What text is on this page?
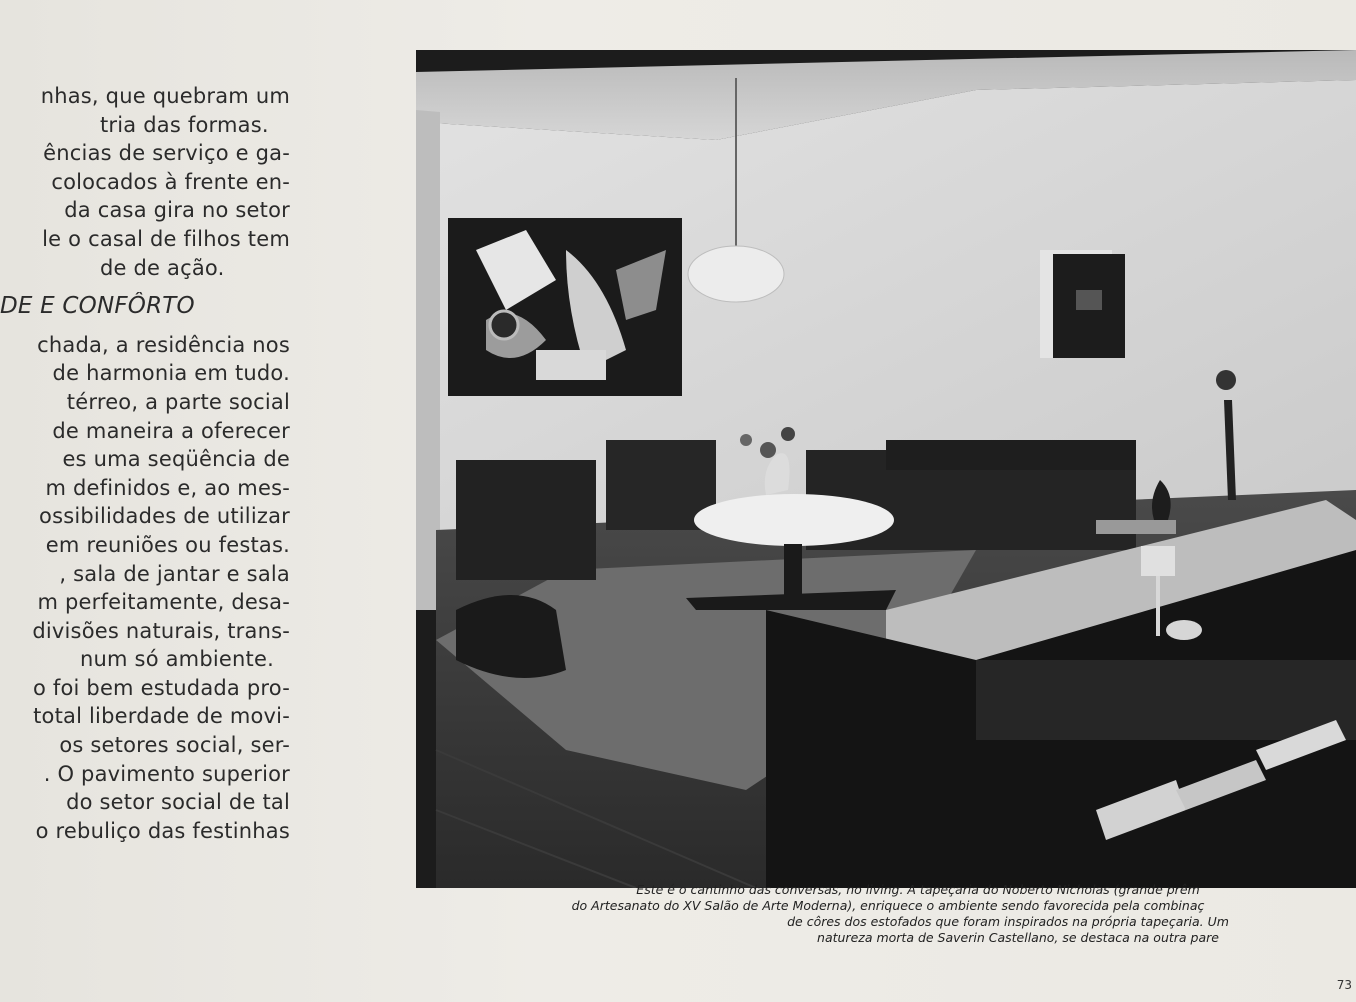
nhas, que quebram um
tria das formas.
ências de serviço e ga-
colocados à frente en-
da casa gira no setor
le o casal de filhos tem
de de ação.
DE E CONFÔRTO
chada, a residência nos
de harmonia em tudo.
térreo, a parte social
de maneira a oferecer
es uma seqüência de
m definidos e, ao mes-
ossibilidades de utilizar
em reuniões ou festas.
, sala de jantar e sala
m perfeitamente, desa-
divisões naturais, trans-
num só ambiente.
o foi bem estudada pro-
total liberdade de movi-
os setores social, ser-
. O pavimento superior
do setor social de tal
o rebuliço das festinhas
Este é o cantinho das conversas, no living. A tapeçaria do Noberto Nicholas (grande prêm
do Artesanato do XV Salão de Arte Moderna), enriquece o ambiente sendo favorecida pela combinaç
de côres dos estofados que foram inspirados na própria tapeçaria. Um
natureza morta de Saverin Castellano, se destaca na outra pare
73
